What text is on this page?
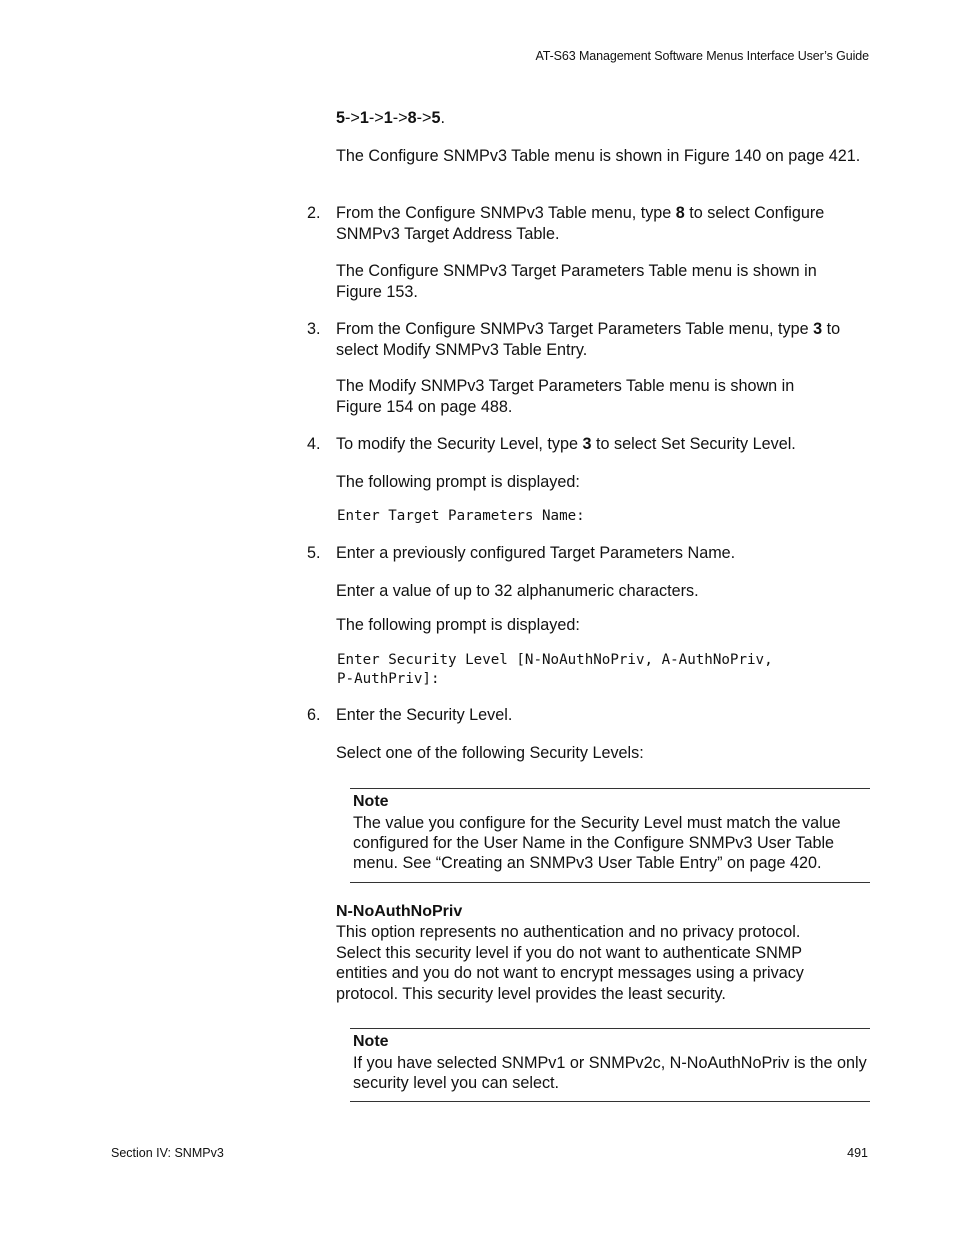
AT-S63 Management Software Menus Interface User’s Guide

5->1->1->8->5.

The Configure SNMPv3 Table menu is shown in Figure 140 on page 421.

2. From the Configure SNMPv3 Table menu, type 8 to select Configure SNMPv3 Target Address Table.

The Configure SNMPv3 Target Parameters Table menu is shown in Figure 153.

3. From the Configure SNMPv3 Target Parameters Table menu, type 3 to select Modify SNMPv3 Table Entry.

The Modify SNMPv3 Target Parameters Table menu is shown in Figure 154 on page 488.

4. To modify the Security Level, type 3 to select Set Security Level.

The following prompt is displayed:

Enter Target Parameters Name:
5. Enter a previously configured Target Parameters Name.

Enter a value of up to 32 alphanumeric characters.

The following prompt is displayed:

Enter Security Level [N-NoAuthNoPriv, A-AuthNoPriv,
P-AuthPriv]:
6. Enter the Security Level.

Select one of the following Security Levels:

Note
The value you configure for the Security Level must match the value configured for the User Name in the Configure SNMPv3 User Table menu. See “Creating an SNMPv3 User Table Entry” on page 420.

N-NoAuthNoPriv

This option represents no authentication and no privacy protocol. Select this security level if you do not want to authenticate SNMP entities and you do not want to encrypt messages using a privacy protocol. This security level provides the least security.

Note
If you have selected SNMPv1 or SNMPv2c, N-NoAuthNoPriv is the only security level you can select.
Section IV: SNMPv3	491
